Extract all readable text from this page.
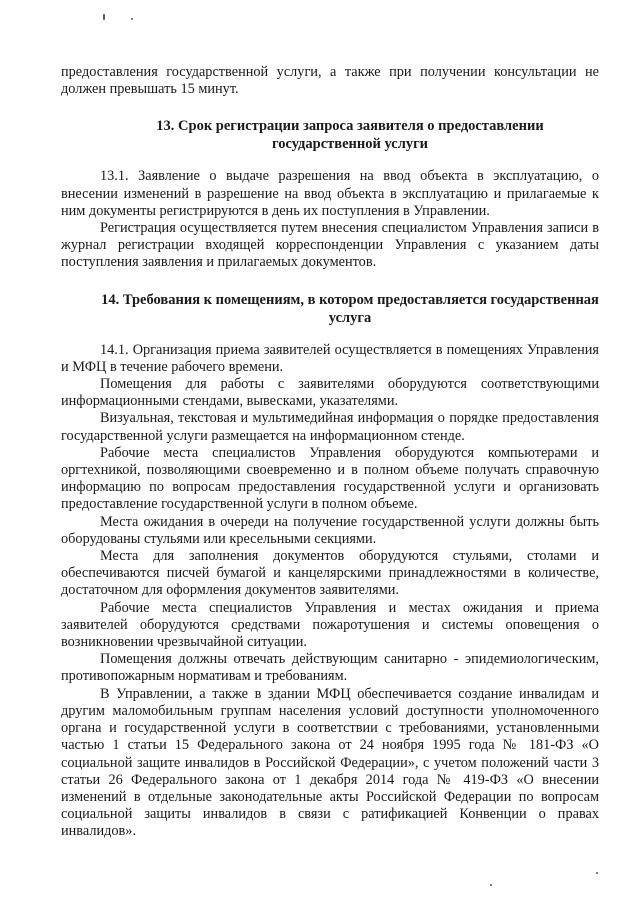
предоставления государственной услуги, а также при получении консультации не должен превышать 15 минут.

13. Срок регистрации запроса заявителя о предоставлении государственной услуги

13.1. Заявление о выдаче разрешения на ввод объекта в эксплуатацию, о внесении изменений в разрешение на ввод объекта в эксплуатацию и прилагаемые к ним документы регистрируются в день их поступления в Управлении.

Регистрация осуществляется путем внесения специалистом Управления записи в журнал регистрации входящей корреспонденции Управления с указанием даты поступления заявления и прилагаемых документов.

14. Требования к помещениям, в котором предоставляется государственная услуга

14.1. Организация приема заявителей осуществляется в помещениях Управления и МФЦ в течение рабочего времени.

Помещения для работы с заявителями оборудуются соответствующими информационными стендами, вывесками, указателями.

Визуальная, текстовая и мультимедийная информация о порядке предоставления государственной услуги размещается на информационном стенде.

Рабочие места специалистов Управления оборудуются компьютерами и оргтехникой, позволяющими своевременно и в полном объеме получать справочную информацию по вопросам предоставления государственной услуги и организовать предоставление государственной услуги в полном объеме.

Места ожидания в очереди на получение государственной услуги должны быть оборудованы стульями или кресельными секциями.

Места для заполнения документов оборудуются стульями, столами и обеспечиваются писчей бумагой и канцелярскими принадлежностями в количестве, достаточном для оформления документов заявителями.

Рабочие места специалистов Управления и местах ожидания и приема заявителей оборудуются средствами пожаротушения и системы оповещения о возникновении чрезвычайной ситуации.

Помещения должны отвечать действующим санитарно - эпидемиологическим, противопожарным нормативам и требованиям.

В Управлении, а также в здании МФЦ обеспечивается создание инвалидам и другим маломобильным группам населения условий доступности уполномоченного органа и государственной услуги в соответствии с требованиями, установленными частью 1 статьи 15 Федерального закона от 24 ноября 1995 года № 181-ФЗ «О социальной защите инвалидов в Российской Федерации», с учетом положений части 3 статьи 26 Федерального закона от 1 декабря 2014 года № 419-ФЗ «О внесении изменений в отдельные законодательные акты Российской Федерации по вопросам социальной защиты инвалидов в связи с ратификацией Конвенции о правах инвалидов».
